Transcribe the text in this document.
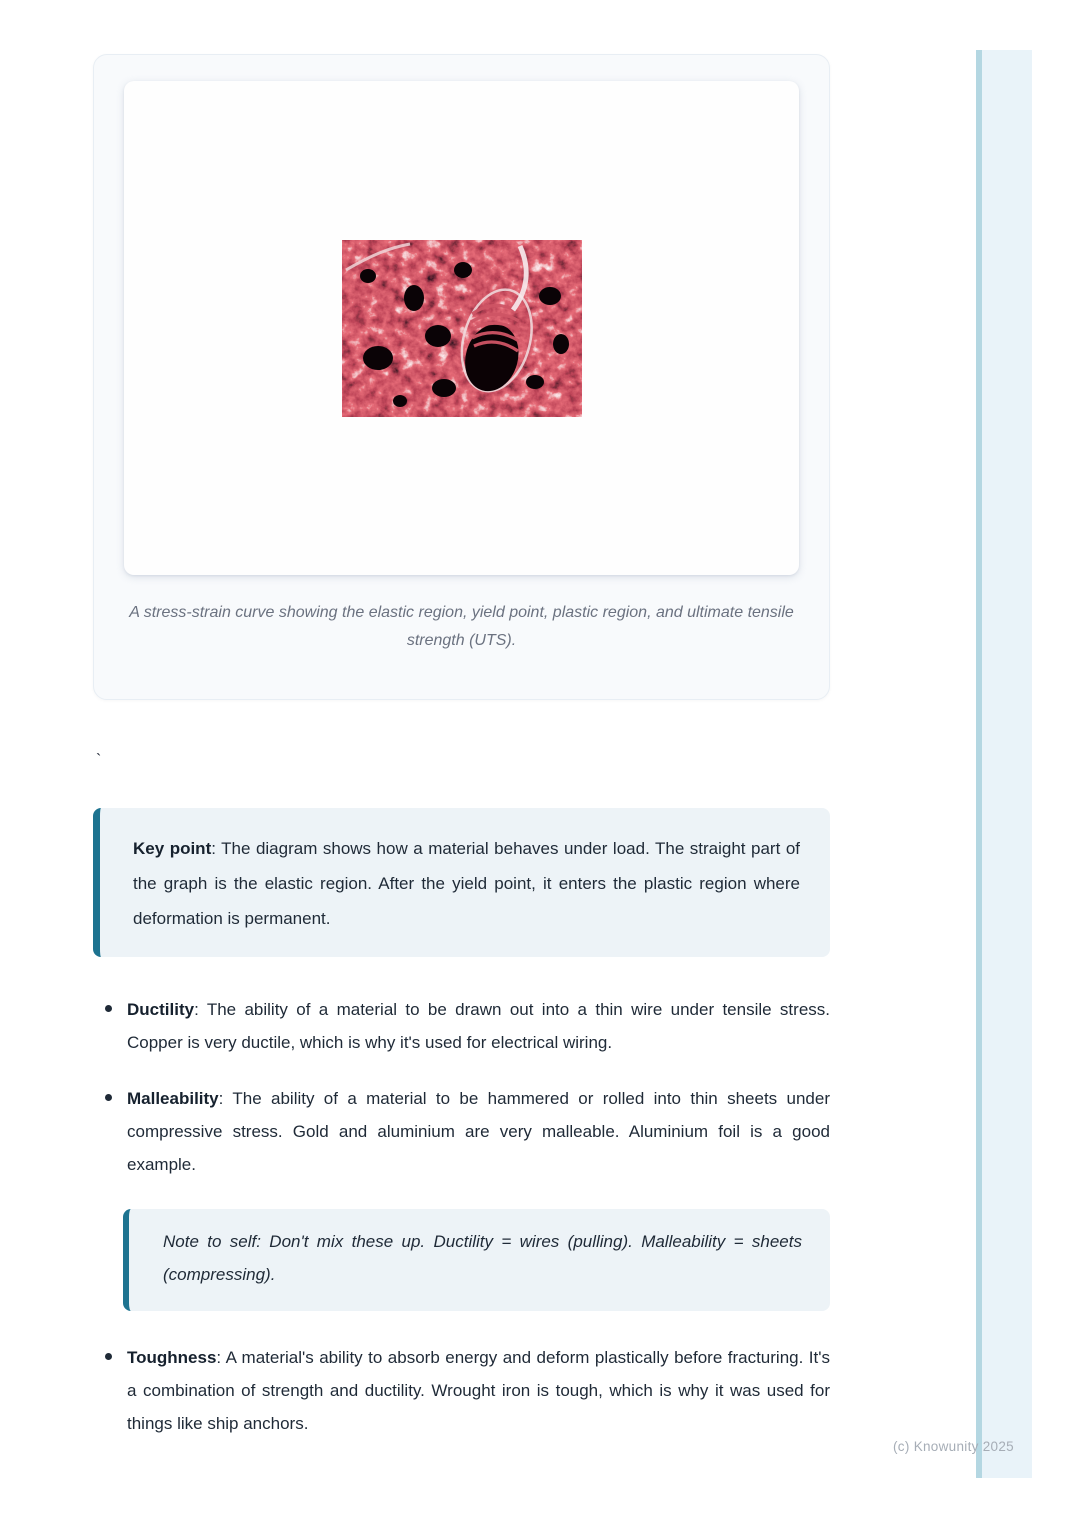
A stress-strain curve showing the elastic region, yield point, plastic region, and ultimate tensile strength (UTS).

`

Key point: The diagram shows how a material behaves under load. The straight part of the graph is the elastic region. After the yield point, it enters the plastic region where deformation is permanent.

Ductility: The ability of a material to be drawn out into a thin wire under tensile stress. Copper is very ductile, which is why it's used for electrical wiring.
Malleability: The ability of a material to be hammered or rolled into thin sheets under compressive stress. Gold and aluminium are very malleable. Aluminium foil is a good example.

Note to self: Don't mix these up. Ductility = wires (pulling). Malleability = sheets (compressing).

Toughness: A material's ability to absorb energy and deform plastically before fracturing. It's a combination of strength and ductility. Wrought iron is tough, which is why it was used for things like ship anchors.
(c) Knowunity 2025
